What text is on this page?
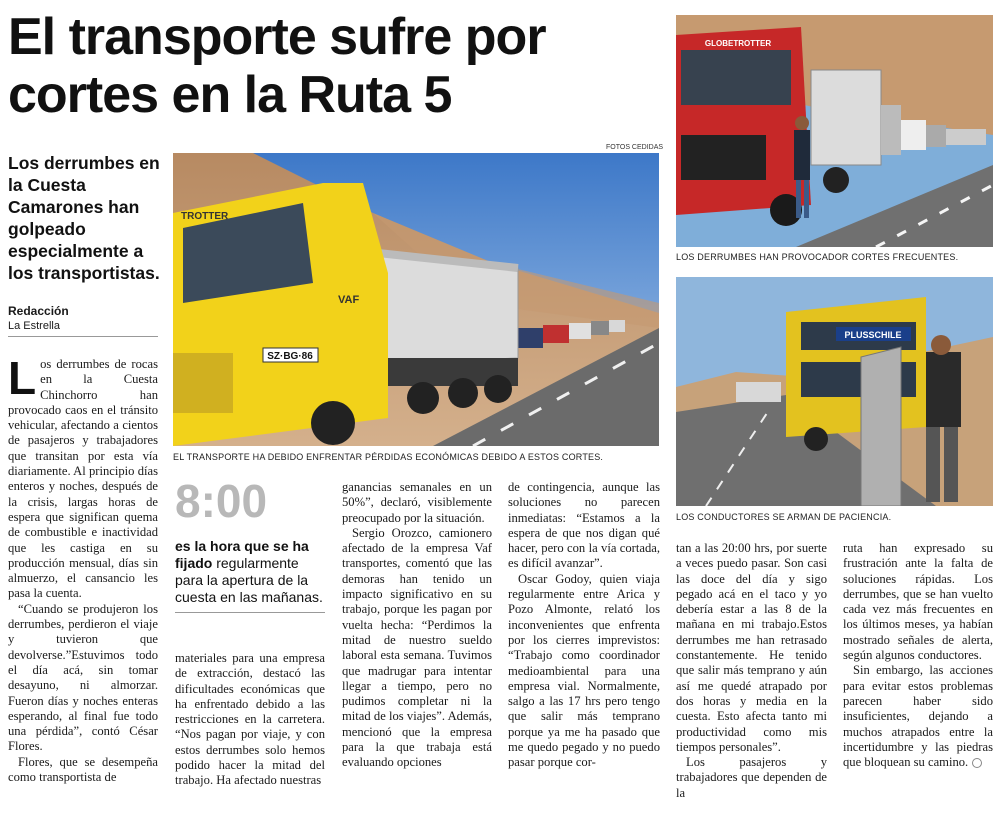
El transporte sufre por cortes en la Ruta 5
Los derrumbes en la Cuesta Camarones han golpeado especialmente a los transportistas.
Redacción
La Estrella
FOTOS CEDIDAS
SZ·BG·86
TROTTER
VAF
EL TRANSPORTE HA DEBIDO ENFRENTAR PÉRDIDAS ECONÓMICAS DEBIDO A ESTOS CORTES.
GLOBETROTTER
LOS DERRUMBES HAN PROVOCADOR CORTES FRECUENTES.
PLUSSCHILE
LOS CONDUCTORES SE ARMAN DE PACIENCIA.
L os derrumbes de rocas en la Cuesta Chinchorro han provocado caos en el tránsito vehicular, afectando a cientos de pasajeros y trabajadores que transitan por esta vía diariamente. Al principio días enteros y noches, después de la crisis, largas horas de espera que significan quema de combustible e inactividad que les castiga en su producción mensual, días sin almuerzo, el cansancio les pasa la cuenta.

“Cuando se produjeron los derrumbes, perdieron el viaje y tuvieron que devolverse.”Estuvimos todo el día acá, sin tomar desayuno, ni almorzar. Fueron días y noches enteras esperando, al final fue todo una pérdida”, contó César Flores.

Flores, que se desempeña como transportista de

8:00
es la hora que se ha fijado regularmente para la apertura de la cuesta en las mañanas.

materiales para una empresa de extracción, destacó las dificultades económicas que ha enfrentado debido a las restricciones en la carretera. “Nos pagan por viaje, y con estos derrumbes solo hemos podido hacer la mitad del trabajo. Ha afectado nuestras

ganancias semanales en un 50%”, declaró, visiblemente preocupado por la situación.

Sergio Orozco, camionero afectado de la empresa Vaf transportes, comentó que las demoras han tenido un impacto significativo en su trabajo, porque les pagan por vuelta hecha: “Perdimos la mitad de nuestro sueldo laboral esta semana. Tuvimos que madrugar para intentar llegar a tiempo, pero no pudimos completar ni la mitad de los viajes”. Además, mencionó que la empresa para la que trabaja está evaluando opciones

de contingencia, aunque las soluciones no parecen inmediatas: “Estamos a la espera de que nos digan qué hacer, pero con la vía cortada, es difícil avanzar”.

Oscar Godoy, quien viaja regularmente entre Arica y Pozo Almonte, relató los inconvenientes que enfrenta por los cierres imprevistos: “Trabajo como coordinador medioambiental para una empresa vial. Normalmente, salgo a las 17 hrs pero tengo que salir más temprano porque ya me ha pasado que me quedo pegado y no puedo pasar porque cor-

tan a las 20:00 hrs, por suerte a veces puedo pasar. Son casi las doce del día y sigo pegado acá en el taco y yo debería estar a las 8 de la mañana en mi trabajo.Estos derrumbes me han retrasado constantemente. He tenido que salir más temprano y aún así me quedé atrapado por dos horas y media en la cuesta. Esto afecta tanto mi productividad como mis tiempos personales”.

Los pasajeros y trabajadores que dependen de la

ruta han expresado su frustración ante la falta de soluciones rápidas. Los derrumbes, que se han vuelto cada vez más frecuentes en los últimos meses, ya habían mostrado señales de alerta, según algunos conductores.

Sin embargo, las acciones para evitar estos problemas parecen haber sido insuficientes, dejando a muchos atrapados entre la incertidumbre y las piedras que bloquean su camino.
